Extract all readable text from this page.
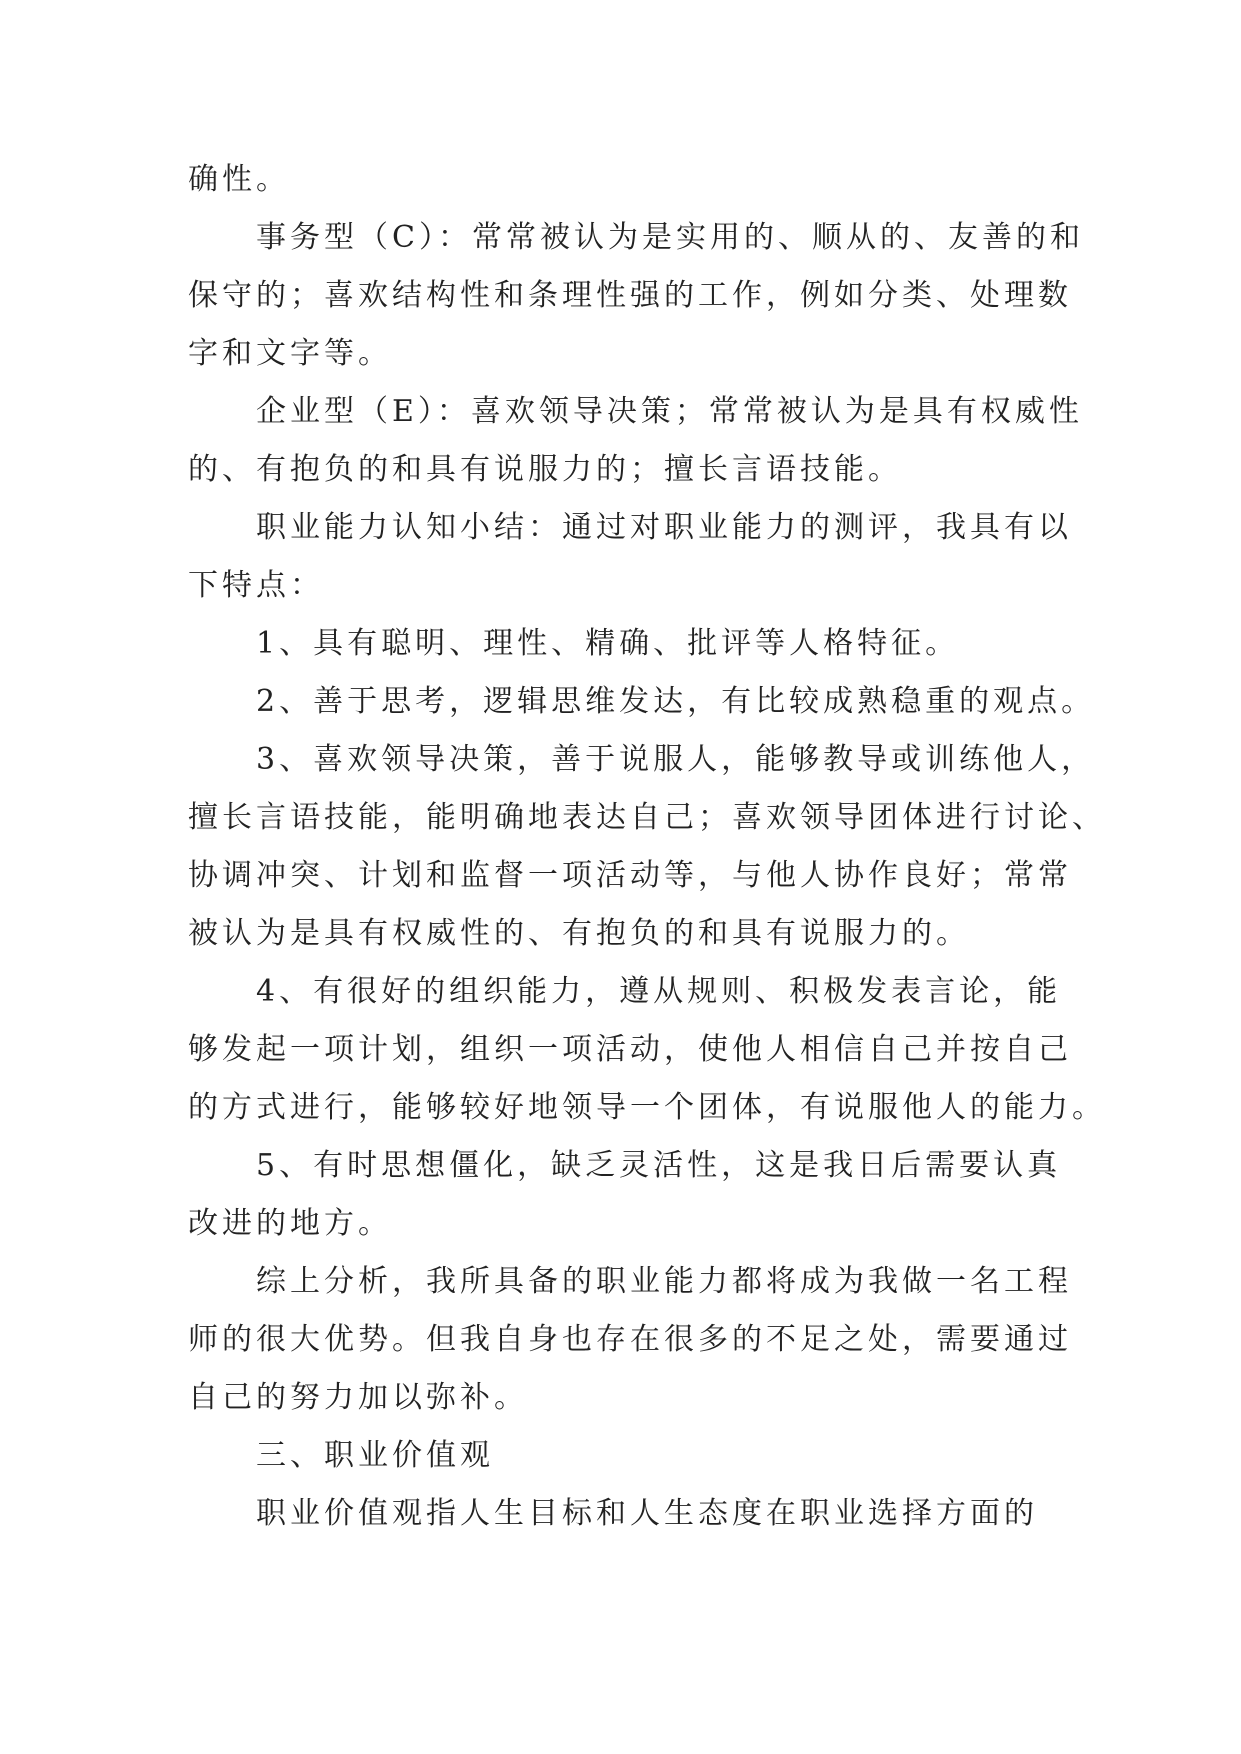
确性。
事务型（C）：常常被认为是实用的、顺从的、友善的和
保守的；喜欢结构性和条理性强的工作，例如分类、处理数
字和文字等。
企业型（E）：喜欢领导决策；常常被认为是具有权威性
的、有抱负的和具有说服力的；擅长言语技能。
职业能力认知小结：通过对职业能力的测评，我具有以
下特点：
1、具有聪明、理性、精确、批评等人格特征。
2、善于思考，逻辑思维发达，有比较成熟稳重的观点。
3、喜欢领导决策，善于说服人，能够教导或训练他人，
擅长言语技能，能明确地表达自己；喜欢领导团体进行讨论、
协调冲突、计划和监督一项活动等，与他人协作良好；常常
被认为是具有权威性的、有抱负的和具有说服力的。
4、有很好的组织能力，遵从规则、积极发表言论，能
够发起一项计划，组织一项活动，使他人相信自己并按自己
的方式进行，能够较好地领导一个团体，有说服他人的能力。
5、有时思想僵化，缺乏灵活性，这是我日后需要认真
改进的地方。
综上分析，我所具备的职业能力都将成为我做一名工程
师的很大优势。但我自身也存在很多的不足之处，需要通过
自己的努力加以弥补。
三、职业价值观
职业价值观指人生目标和人生态度在职业选择方面的
